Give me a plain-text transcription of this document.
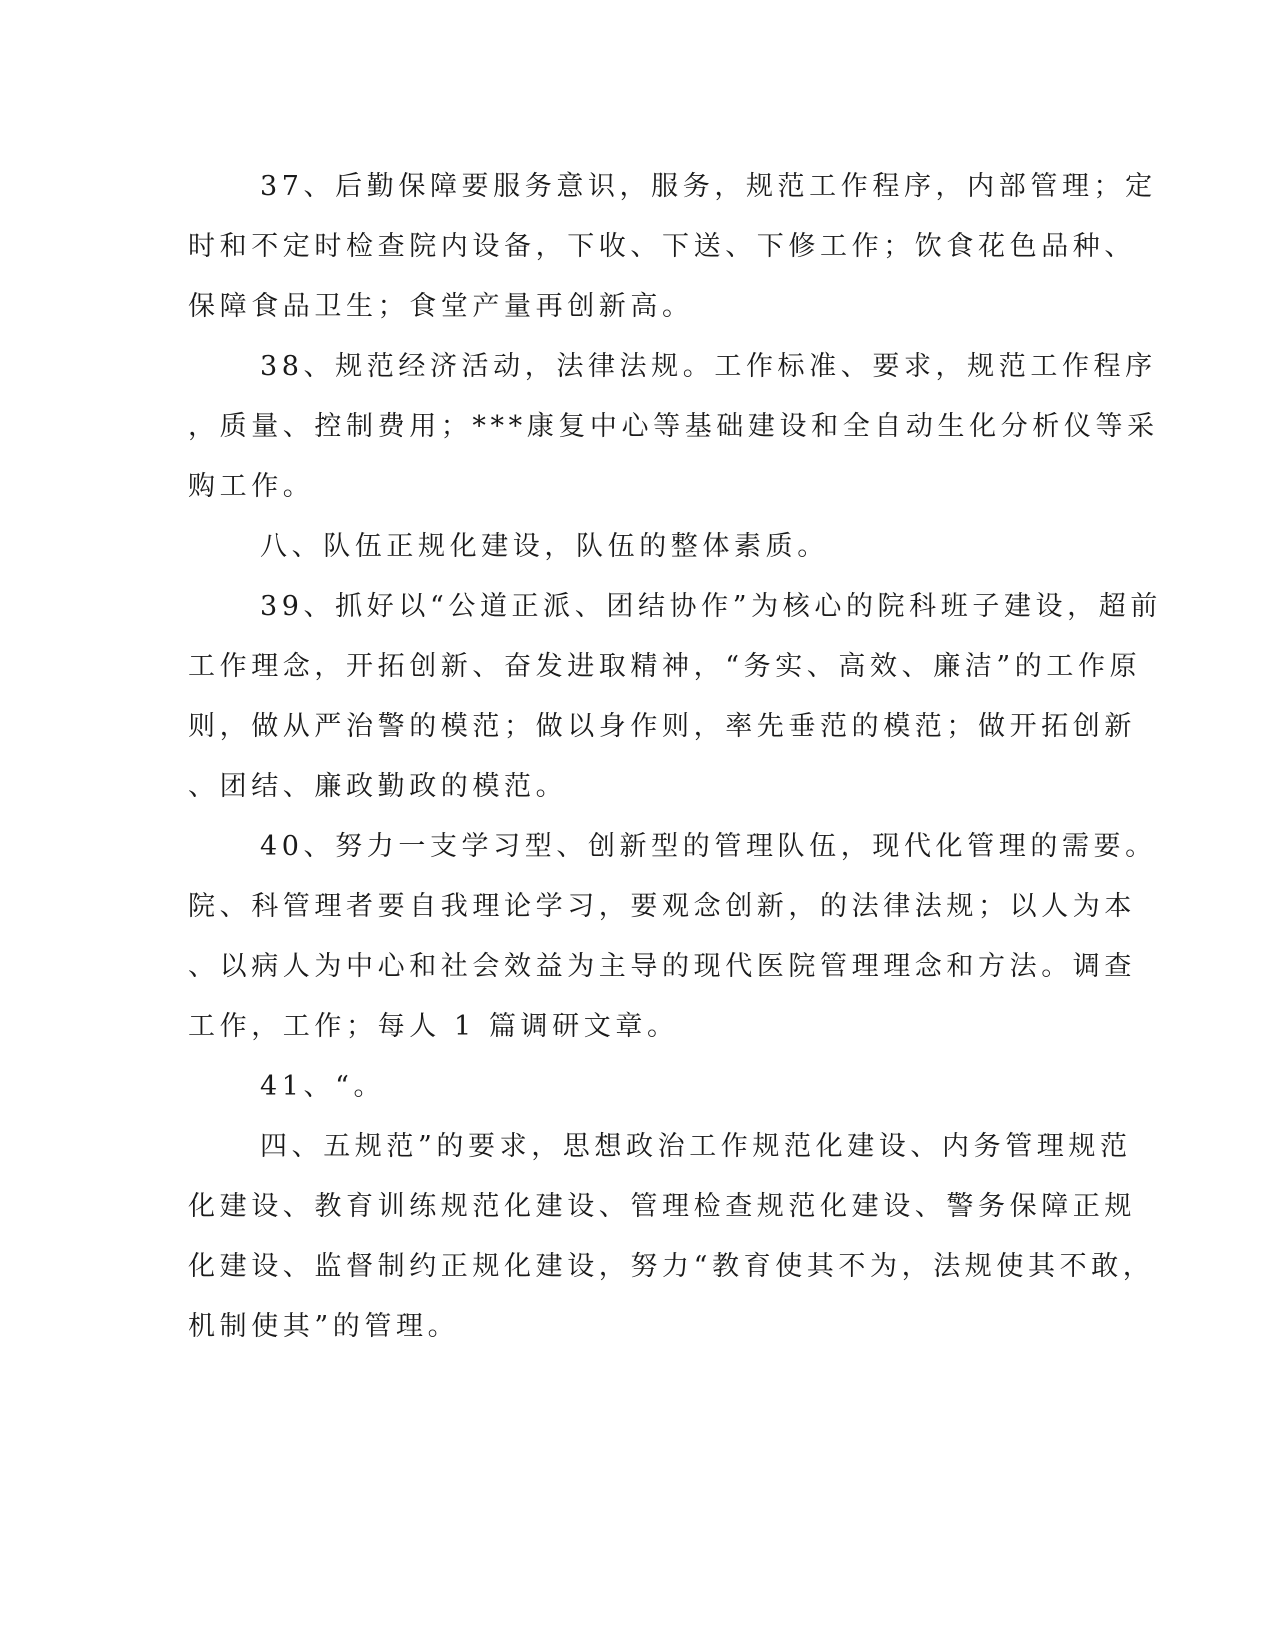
37、后勤保障要服务意识，服务，规范工作程序，内部管理；定
时和不定时检查院内设备，下收、下送、下修工作；饮食花色品种、
保障食品卫生；食堂产量再创新高。

38、规范经济活动，法律法规。工作标准、要求，规范工作程序
，质量、控制费用；***康复中心等基础建设和全自动生化分析仪等采
购工作。

八、队伍正规化建设，队伍的整体素质。

39、抓好以“公道正派、团结协作”为核心的院科班子建设，超前
工作理念，开拓创新、奋发进取精神，“务实、高效、廉洁”的工作原
则，做从严治警的模范；做以身作则，率先垂范的模范；做开拓创新
、团结、廉政勤政的模范。

40、努力一支学习型、创新型的管理队伍，现代化管理的需要。
院、科管理者要自我理论学习，要观念创新，的法律法规；以人为本
、以病人为中心和社会效益为主导的现代医院管理理念和方法。调查
工作，工作；每人 1 篇调研文章。

41、“。

四、五规范”的要求，思想政治工作规范化建设、内务管理规范
化建设、教育训练规范化建设、管理检查规范化建设、警务保障正规
化建设、监督制约正规化建设，努力“教育使其不为，法规使其不敢，
机制使其”的管理。
